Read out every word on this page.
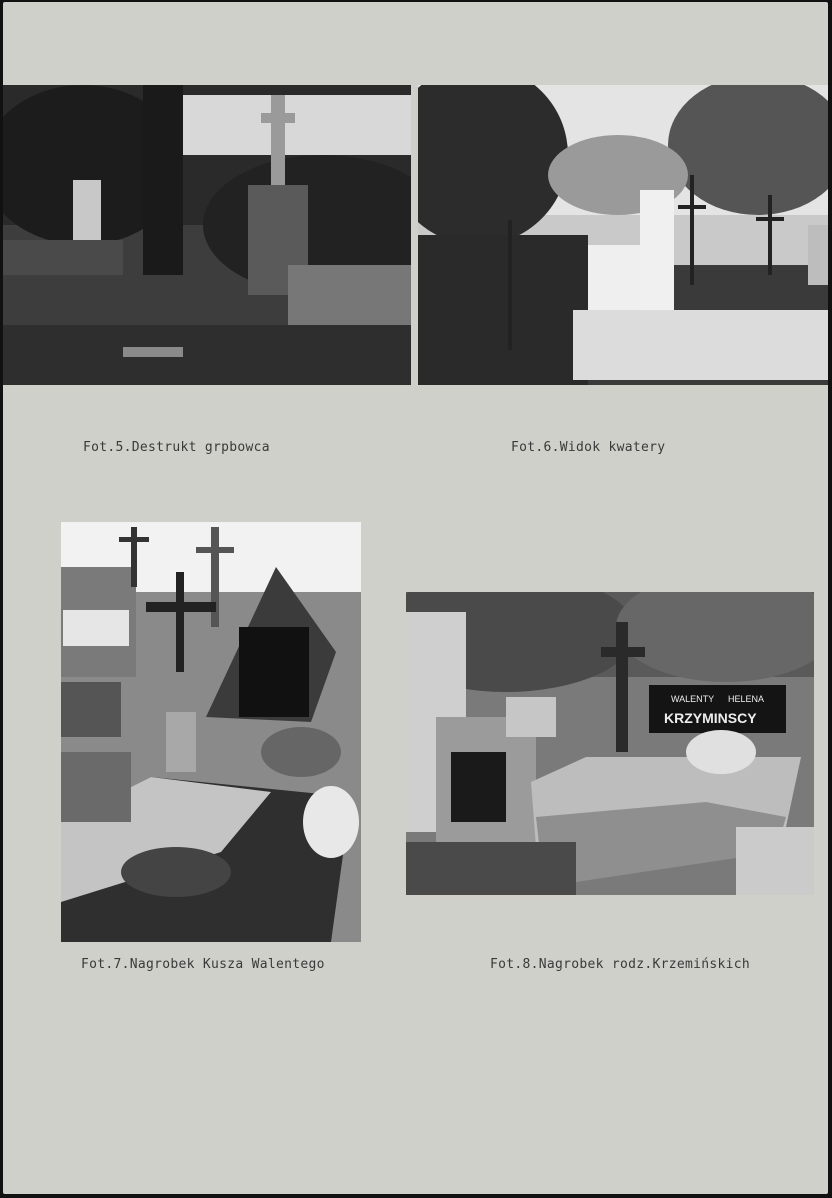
Fot.5.Destrukt grpbowca	Fot.6.Widok kwatery
WALENTY HELENA
KRZYMINSCY
Fot.7.Nagrobek Kusza Walentego	Fot.8.Nagrobek rodz.Krzemińskich
